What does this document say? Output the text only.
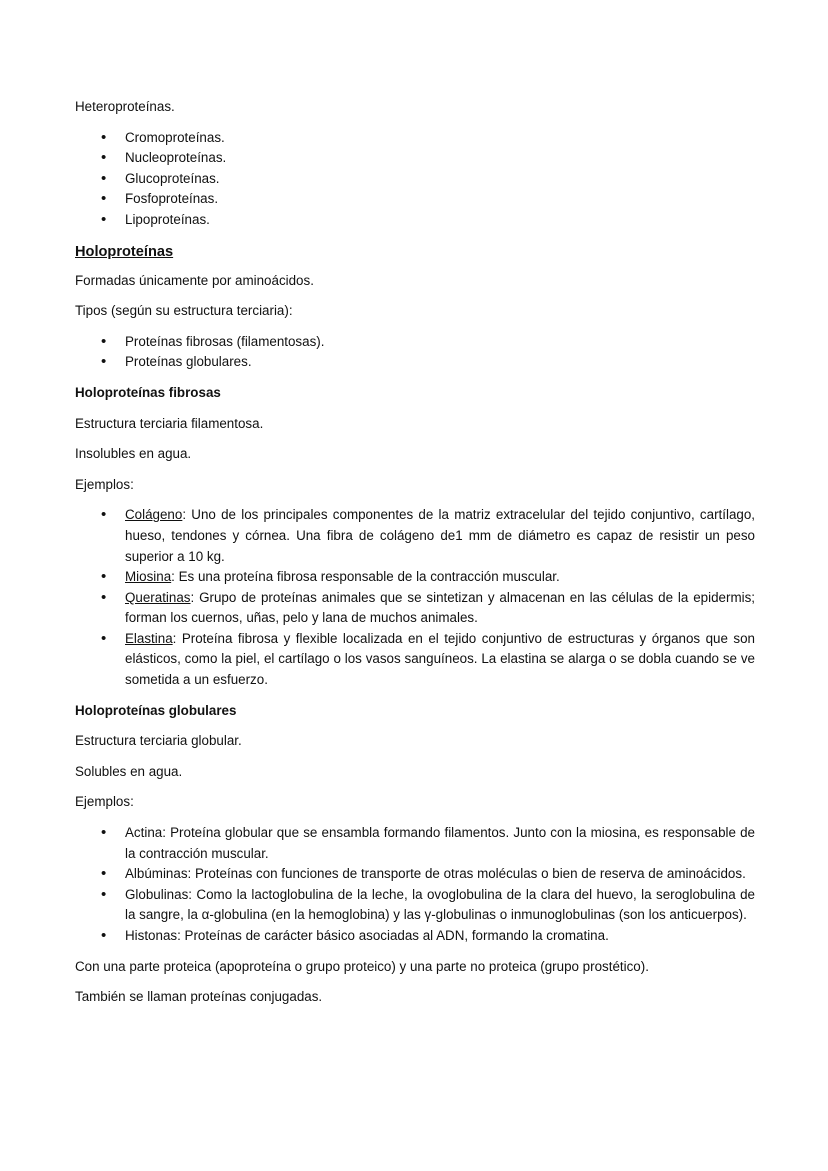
Heteroproteínas.

• Cromoproteínas.
• Nucleoproteínas.
• Glucoproteínas.
• Fosfoproteínas.
• Lipoproteínas.
Holoproteínas

Formadas únicamente por aminoácidos.

Tipos (según su estructura terciaria):

• Proteínas fibrosas (filamentosas).
• Proteínas globulares.
Holoproteínas fibrosas

Estructura terciaria filamentosa.

Insolubles en agua.

Ejemplos:

• Colágeno: Uno de los principales componentes de la matriz extracelular del tejido conjuntivo, cartílago, hueso, tendones y córnea. Una fibra de colágeno de1 mm de diámetro es capaz de resistir un peso superior a 10 kg.
• Miosina: Es una proteína fibrosa responsable de la contracción muscular.
• Queratinas: Grupo de proteínas animales que se sintetizan y almacenan en las células de la epidermis; forman los cuernos, uñas, pelo y lana de muchos animales.
• Elastina: Proteína fibrosa y flexible localizada en el tejido conjuntivo de estructuras y órganos que son elásticos, como la piel, el cartílago o los vasos sanguíneos. La elastina se alarga o se dobla cuando se ve sometida a un esfuerzo.
Holoproteínas globulares

Estructura terciaria globular.

Solubles en agua.

Ejemplos:

• Actina: Proteína globular que se ensambla formando filamentos. Junto con la miosina, es responsable de la contracción muscular.
• Albúminas: Proteínas con funciones de transporte de otras moléculas o bien de reserva de aminoácidos.
• Globulinas: Como la lactoglobulina de la leche, la ovoglobulina de la clara del huevo, la seroglobulina de la sangre, la α-globulina (en la hemoglobina) y las γ-globulinas o inmunoglobulinas (son los anticuerpos).
• Histonas: Proteínas de carácter básico asociadas al ADN, formando la cromatina.

Con una parte proteica (apoproteína o grupo proteico) y una parte no proteica (grupo prostético).

También se llaman proteínas conjugadas.
